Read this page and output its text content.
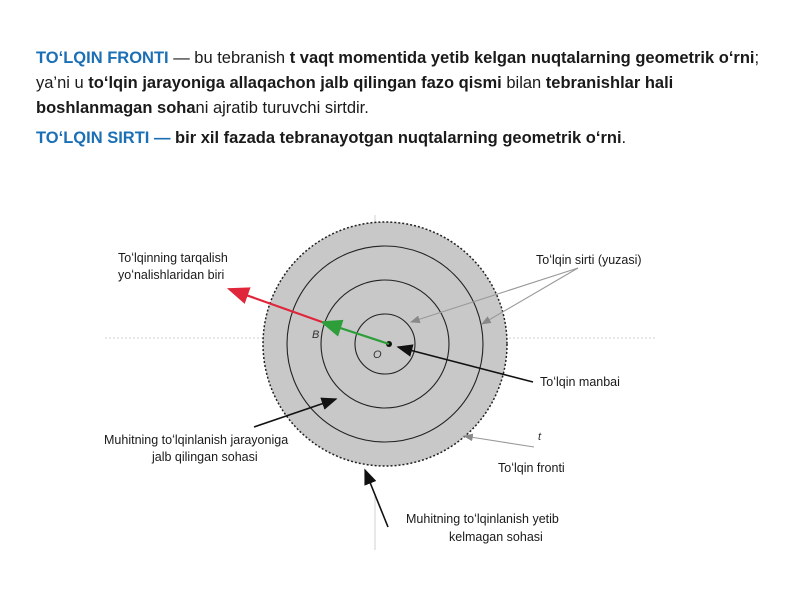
TOʻLQIN FRONTI — bu tebranish t vaqt momentida yetib kelgan nuqtalarning geometrik oʻrni; ya’ni u toʻlqin jarayoniga allaqachon jalb qilingan fazo qismi bilan tebranishlar hali boshlanmagan sohani ajratib turuvchi sirtdir.
TOʻLQIN SIRTI — bir xil fazada tebranayotgan nuqtalarning geometrik oʻrni.
B
O
t
Toʻlqinning tarqalish
yoʻnalishlaridan biri
Toʻlqin sirti (yuzasi)
Toʻlqin manbai
Muhitning toʻlqinlanish jarayoniga
jalb qilingan sohasi
Toʻlqin fronti
Muhitning toʻlqinlanish yetib
kelmagan sohasi
